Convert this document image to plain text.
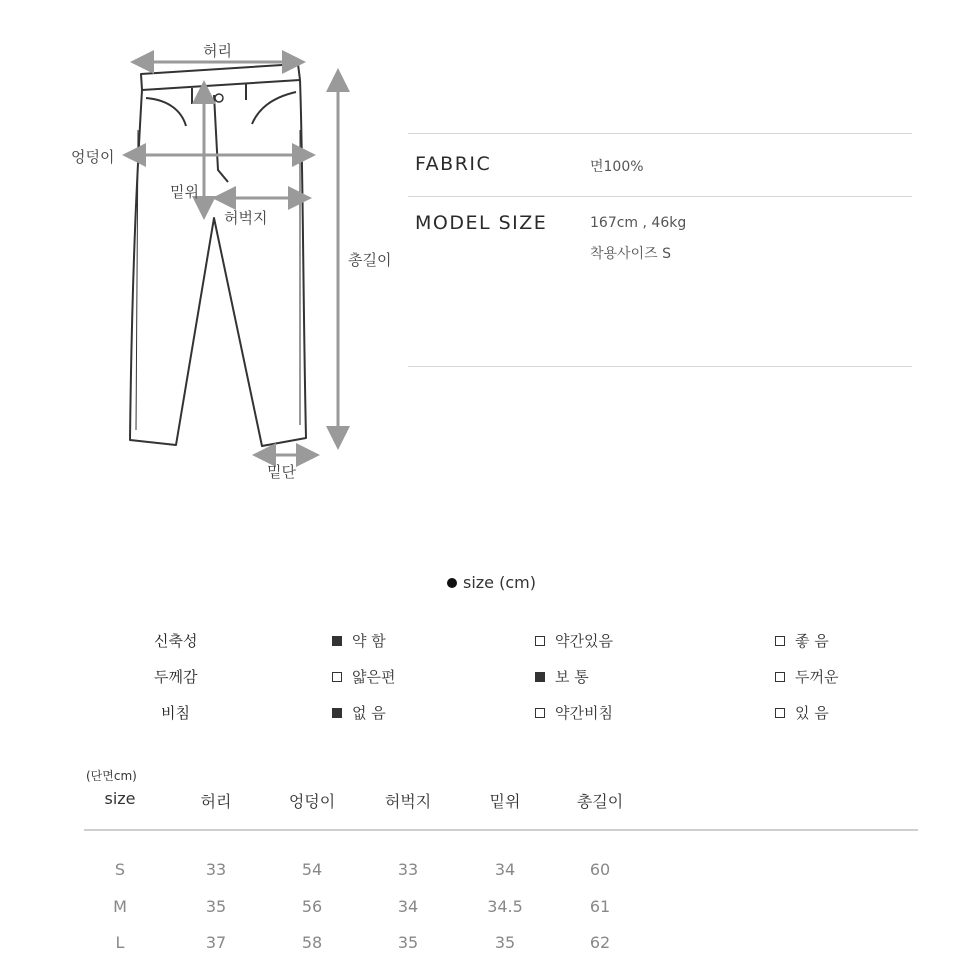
허리
엉덩이
밑위
허벅지
총길이
밑단
FABRIC	면100%
MODEL SIZE	167cm , 46kg
착용사이즈 S
size (cm)
신축성	약 함	약간있음	좋 음
두께감	얇은편	보 통	두꺼운
비침	없 음	약간비침	있 음
(단면cm)
size	허리	엉덩이	허벅지	밑위	총길이
S	33	54	33	34	60
M	35	56	34	34.5	61
L	37	58	35	35	62
